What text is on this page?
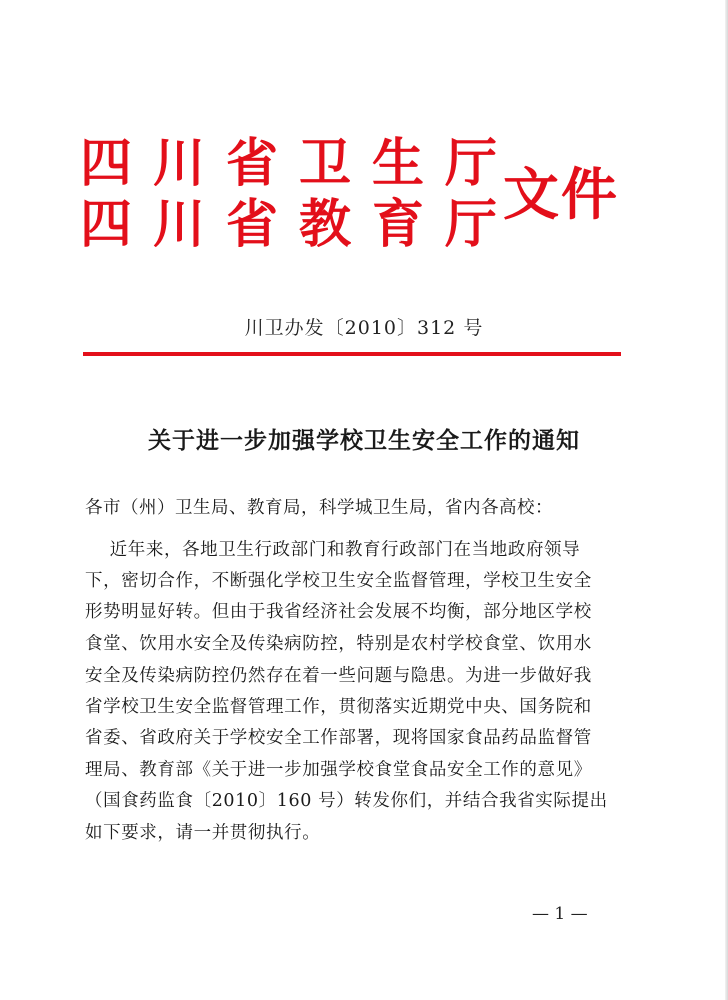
四川省卫生厅
四川省教育厅
文件
川卫办发〔2010〕312 号
关于进一步加强学校卫生安全工作的通知
各市（州）卫生局、教育局，科学城卫生局，省内各高校：
近年来，各地卫生行政部门和教育行政部门在当地政府领导
下，密切合作，不断强化学校卫生安全监督管理，学校卫生安全
形势明显好转。但由于我省经济社会发展不均衡，部分地区学校
食堂、饮用水安全及传染病防控，特别是农村学校食堂、饮用水
安全及传染病防控仍然存在着一些问题与隐患。为进一步做好我
省学校卫生安全监督管理工作，贯彻落实近期党中央、国务院和
省委、省政府关于学校安全工作部署，现将国家食品药品监督管
理局、教育部《关于进一步加强学校食堂食品安全工作的意见》
（国食药监食〔2010〕160 号）转发你们，并结合我省实际提出
如下要求，请一并贯彻执行。
— 1 —
